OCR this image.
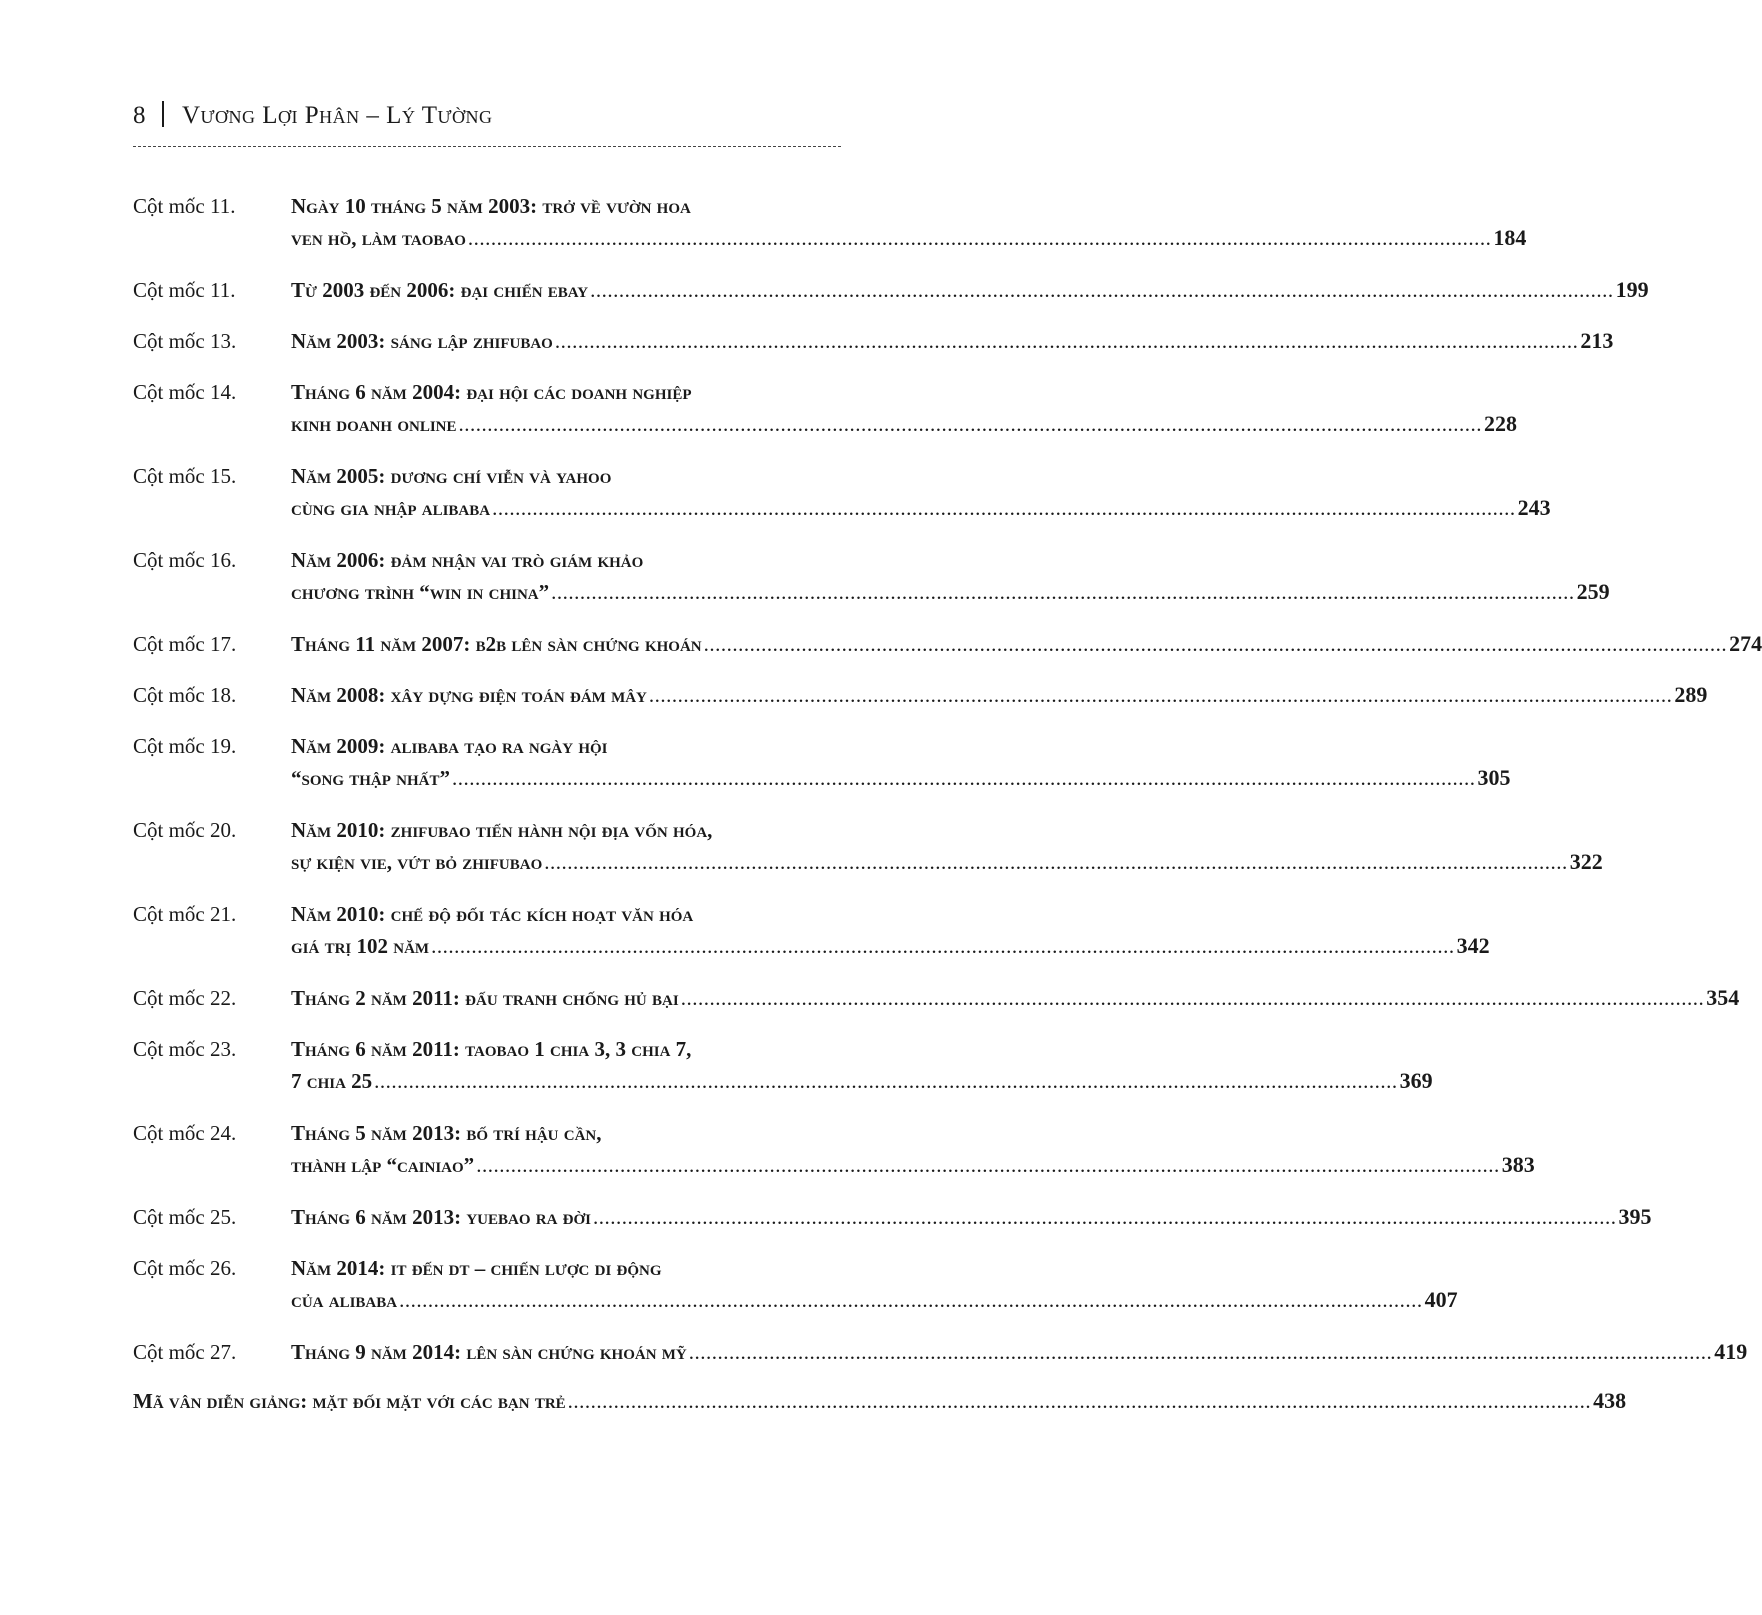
8 Vương Lợi Phân – Lý Tường
Cột mốc 11.	Ngày 10 tháng 5 năm 2003: trở về vườn hoa
ven hồ, làm taobao .....	184
Cột mốc 11.	Từ 2003 đến 2006: đại chiến ebay .....	199
Cột mốc 13.	Năm 2003: sáng lập zhifubao .....	213
Cột mốc 14.	Tháng 6 năm 2004: đại hội các doanh nghiệp
kinh doanh online .....	228
Cột mốc 15.	Năm 2005: dương chí viễn và yahoo
cùng gia nhập alibaba .....	243
Cột mốc 16.	Năm 2006: đảm nhận vai trò giám khảo
chương trình “win in china” .....	259
Cột mốc 17.	Tháng 11 năm 2007: b2b lên sàn chứng khoán .....	274
Cột mốc 18.	Năm 2008: xây dựng điện toán đám mây .....	289
Cột mốc 19.	Năm 2009: alibaba tạo ra ngày hội
“song thập nhất” .....	305
Cột mốc 20.	Năm 2010: zhifubao tiến hành nội địa vốn hóa,
sự kiện vie, vứt bỏ zhifubao .....	322
Cột mốc 21.	Năm 2010: chế độ đối tác kích hoạt văn hóa
giá trị 102 năm .....	342
Cột mốc 22.	Tháng 2 năm 2011: đấu tranh chống hủ bại .....	354
Cột mốc 23.	Tháng 6 năm 2011: taobao 1 chia 3, 3 chia 7,
7 chia 25 .....	369
Cột mốc 24.	Tháng 5 năm 2013: bố trí hậu cần,
thành lập “cainiao” .....	383
Cột mốc 25.	Tháng 6 năm 2013: yuebao ra đời .....	395
Cột mốc 26.	Năm 2014: it đến dt – chiến lược di động
của alibaba .....	407
Cột mốc 27.	Tháng 9 năm 2014: lên sàn chứng khoán mỹ .....	419
Mã vân diễn giảng: mặt đối mặt với các bạn trẻ .....	438
